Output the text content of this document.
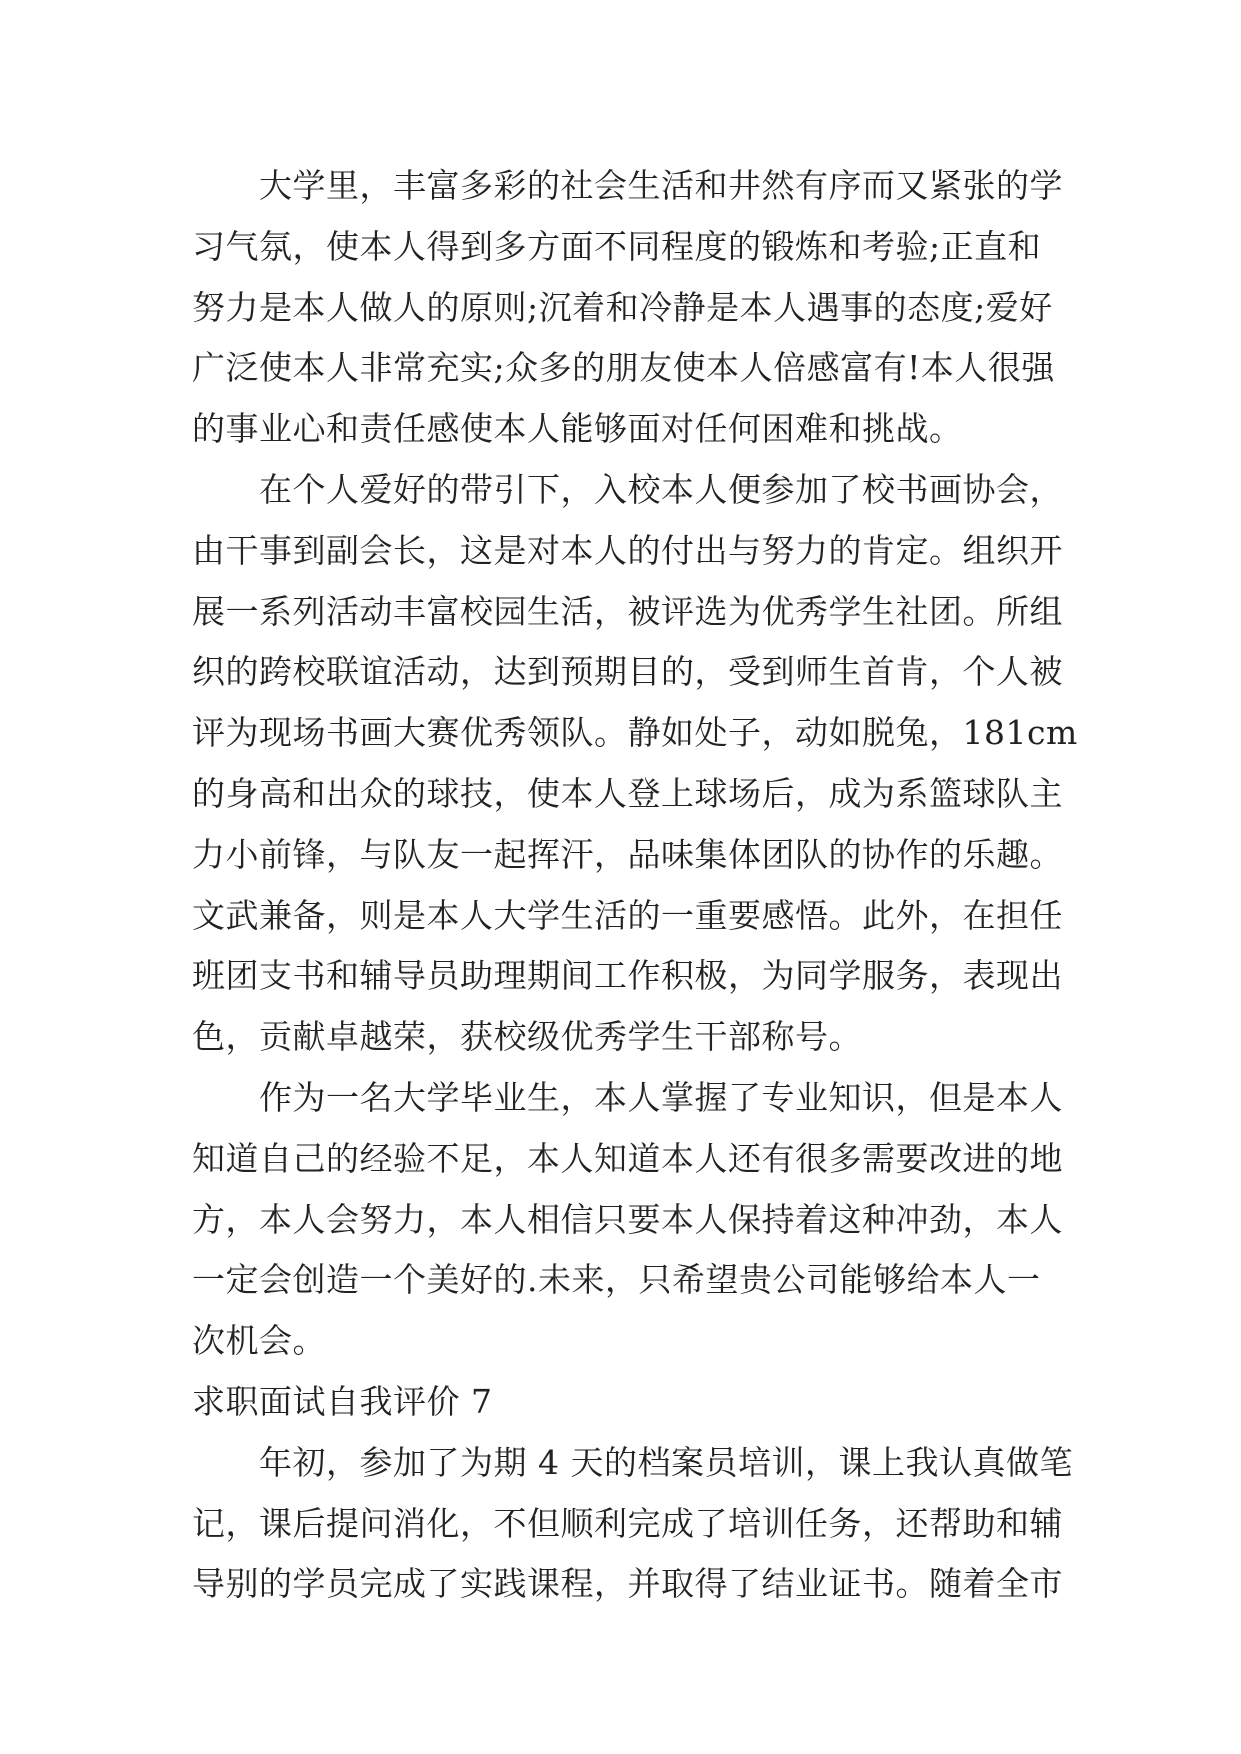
　　大学里，丰富多彩的社会生活和井然有序而又紧张的学
习气氛，使本人得到多方面不同程度的锻炼和考验;正直和
努力是本人做人的原则;沉着和冷静是本人遇事的态度;爱好
广泛使本人非常充实;众多的朋友使本人倍感富有!本人很强
的事业心和责任感使本人能够面对任何困难和挑战。
　　在个人爱好的带引下，入校本人便参加了校书画协会，
由干事到副会长，这是对本人的付出与努力的肯定。组织开
展一系列活动丰富校园生活，被评选为优秀学生社团。所组
织的跨校联谊活动，达到预期目的，受到师生首肯，个人被
评为现场书画大赛优秀领队。静如处子，动如脱兔，181cm
的身高和出众的球技，使本人登上球场后，成为系篮球队主
力小前锋，与队友一起挥汗，品味集体团队的协作的乐趣。
文武兼备，则是本人大学生活的一重要感悟。此外，在担任
班团支书和辅导员助理期间工作积极，为同学服务，表现出
色，贡献卓越荣，获校级优秀学生干部称号。
　　作为一名大学毕业生，本人掌握了专业知识，但是本人
知道自己的经验不足，本人知道本人还有很多需要改进的地
方，本人会努力，本人相信只要本人保持着这种冲劲，本人
一定会创造一个美好的.未来，只希望贵公司能够给本人一
次机会。
求职面试自我评价 7
　　年初，参加了为期 4 天的档案员培训，课上我认真做笔
记，课后提问消化，不但顺利完成了培训任务，还帮助和辅
导别的学员完成了实践课程，并取得了结业证书。随着全市
